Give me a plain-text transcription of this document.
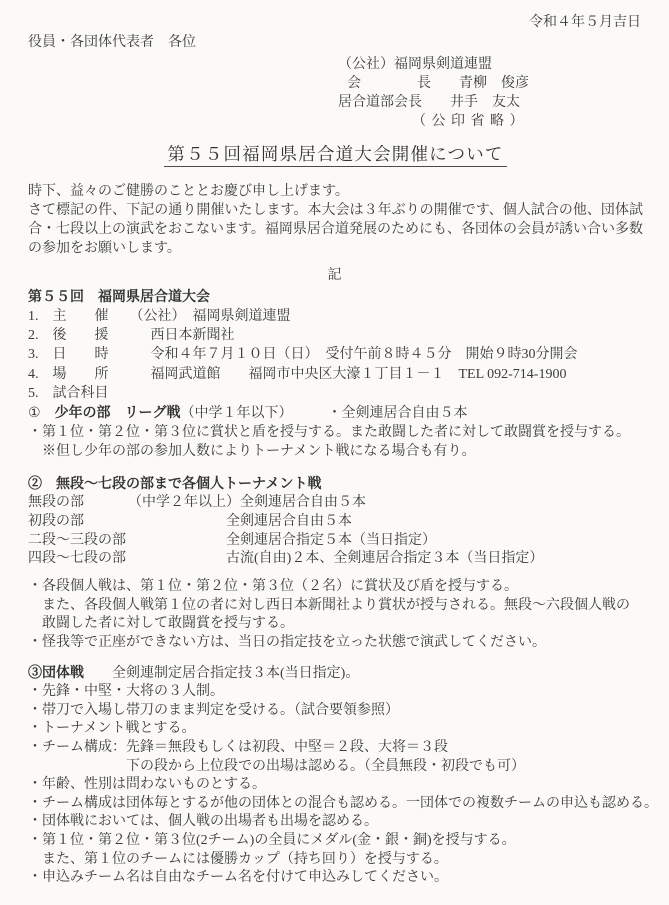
令和４年５月吉日
役員・各団体代表者　各位
（公社）福岡県剣道連盟
会　　　　長　　青柳　俊彦
居合道部会長　　井手　友太
（ 公 印 省 略 ）
第５５回福岡県居合道大会開催について
時下、益々のご健勝のこととお慶び申し上げます。

さて標記の件、下記の通り開催いたします。本大会は３年ぶりの開催です、個人試合の他、団体試合・七段以上の演武をおこないます。福岡県居合道発展のためにも、各団体の会員が誘い合い多数の参加をお願いします。

記
第５５回　福岡県居合道大会
1.　主　　催　　（公社）　福岡県剣道連盟
2.　後　　援　　　西日本新聞社
3.　日　　時　　　令和４年７月１０日（日）　受付午前８時４５分　開始９時30分開会
4.　場　　所　　　福岡武道館　　福岡市中央区大濠１丁目１－１　TEL 092-714-1900
5.　試合科目
①　少年の部　リーグ戦（中学１年以下）　　　・全剣連居合自由５本
・第１位・第２位・第３位に賞状と盾を授与する。また敢闘した者に対して敢闘賞を授与する。
　※但し少年の部の参加人数によりトーナメント戦になる場合も有り。
②　無段～七段の部まで各個人トーナメント戦
無段の部	（中学２年以上） 全剣連居合自由５本
初段の部	全剣連居合自由５本
二段～三段の部	全剣連居合指定５本（当日指定）
四段～七段の部	古流(自由)２本、全剣連居合指定３本（当日指定）
・各段個人戦は、第１位・第２位・第３位（２名）に賞状及び盾を授与する。
　また、各段個人戦第１位の者に対し西日本新聞社より賞状が授与される。無段～六段個人戦の
　敢闘した者に対して敢闘賞を授与する。
・怪我等で正座ができない方は、当日の指定技を立った状態で演武してください。
③団体戦　　全剣連制定居合指定技３本(当日指定)。
・先鋒・中堅・大将の３人制。
・帯刀で入場し帯刀のまま判定を受ける。（試合要領参照）
・トーナメント戦とする。
・チーム構成：先鋒＝無段もしくは初段、中堅＝２段、大将＝３段
　　　　　　　下の段から上位段での出場は認める。（全員無段・初段でも可）
・年齢、性別は問わないものとする。
・チーム構成は団体毎とするが他の団体との混合も認める。一団体での複数チームの申込も認める。
・団体戦においては、個人戦の出場者も出場を認める。
・第１位・第２位・第３位(2チーム)の全員にメダル(金・銀・銅)を授与する。
　また、第１位のチームには優勝カップ（持ち回り）を授与する。
・申込みチーム名は自由なチーム名を付けて申込みしてください。
